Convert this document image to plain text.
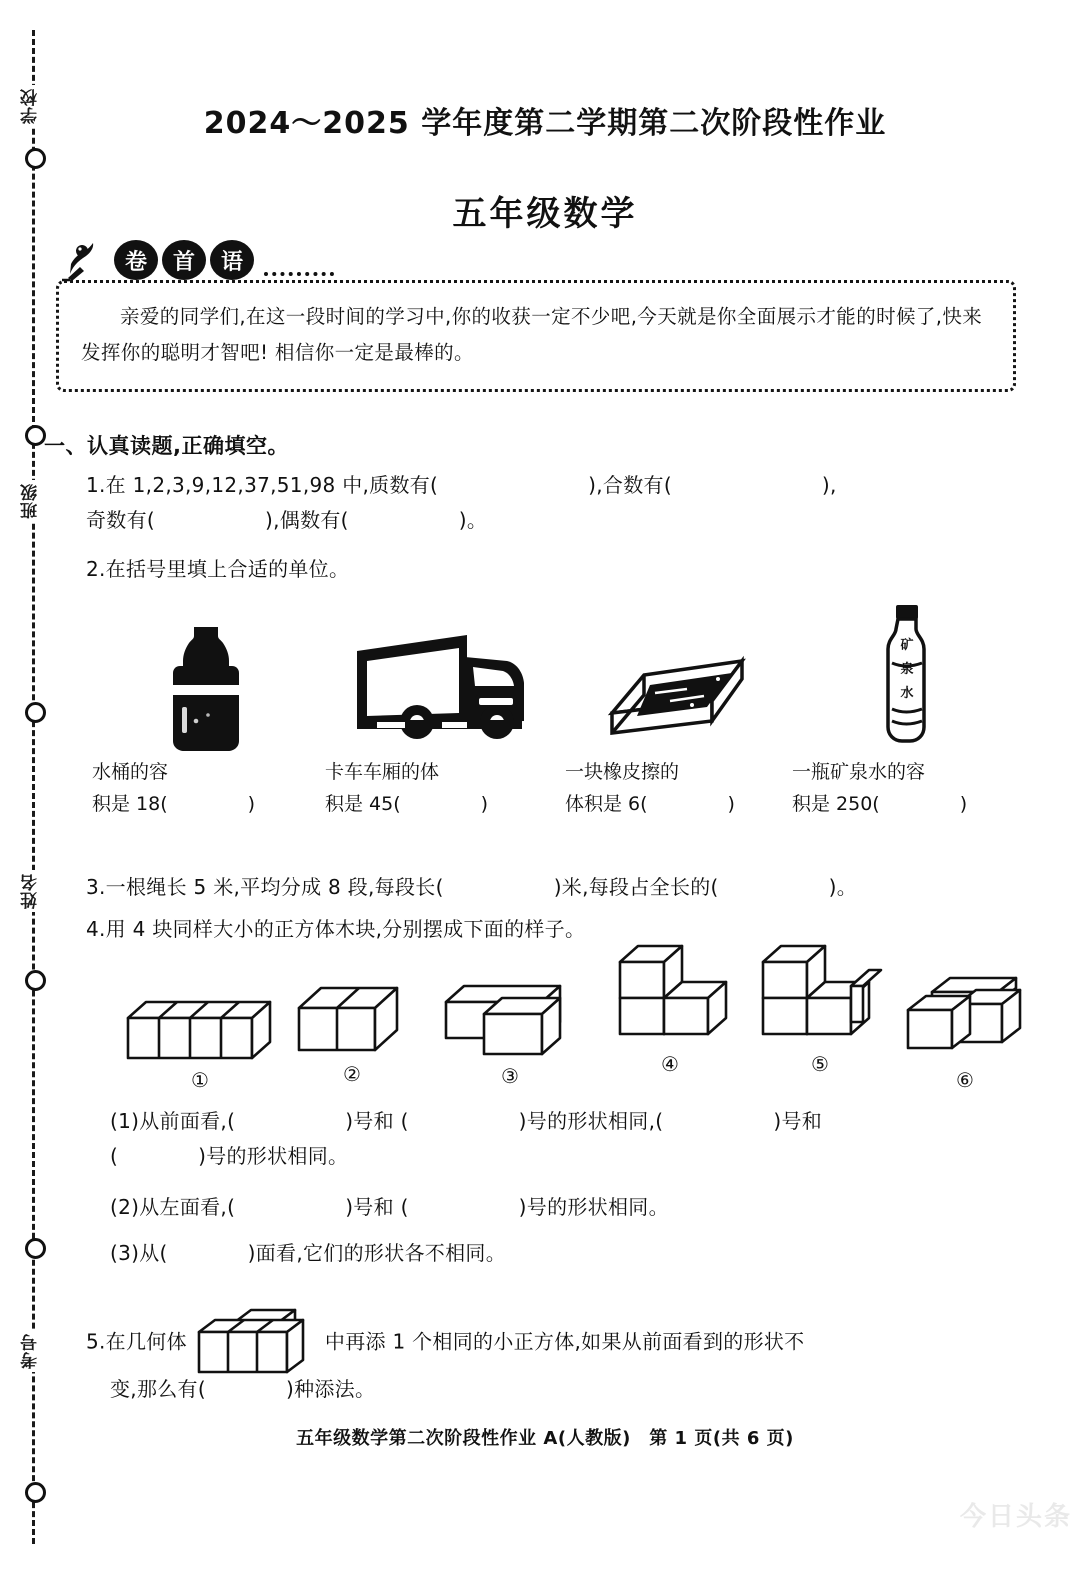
学校
班级
姓名
考号
2024～2025 学年度第二学期第二次阶段性作业
五年级数学
卷	首	语

亲爱的同学们,在这一段时间的学习中,你的收获一定不少吧,今天就是你全面展示才能的时候了,快来发挥你的聪明才智吧! 相信你一定是最棒的。

一、认真读题,正确填空。
1.在 1,2,3,9,12,37,51,98 中,质数有(	),合数有(	),
奇数有(	),偶数有(	)。
2.在括号里填上合适的单位。
水桶的容
积是 18(	)
卡车车厢的体
积是 45(	)
一块橡皮擦的
体积是 6(	)
矿
泉
水
一瓶矿泉水的容
积是 250(	)
3.一根绳长 5 米,平均分成 8 段,每段长(	)米,每段占全长的(	)。
4.用 4 块同样大小的正方体木块,分别摆成下面的样子。
①	②	③	④	⑤
⑥
(1)从前面看,(	)号和 (	)号的形状相同,(	)号和
(	)号的形状相同。
(2)从左面看,(	)号和 (	)号的形状相同。
(3)从(	)面看,它们的形状各不相同。
5.在几何体	中再添 1 个相同的小正方体,如果从前面看到的形状不
变,那么有(	)种添法。
五年级数学第二次阶段性作业 A(人教版)　第 1 页(共 6 页)
今日头条
